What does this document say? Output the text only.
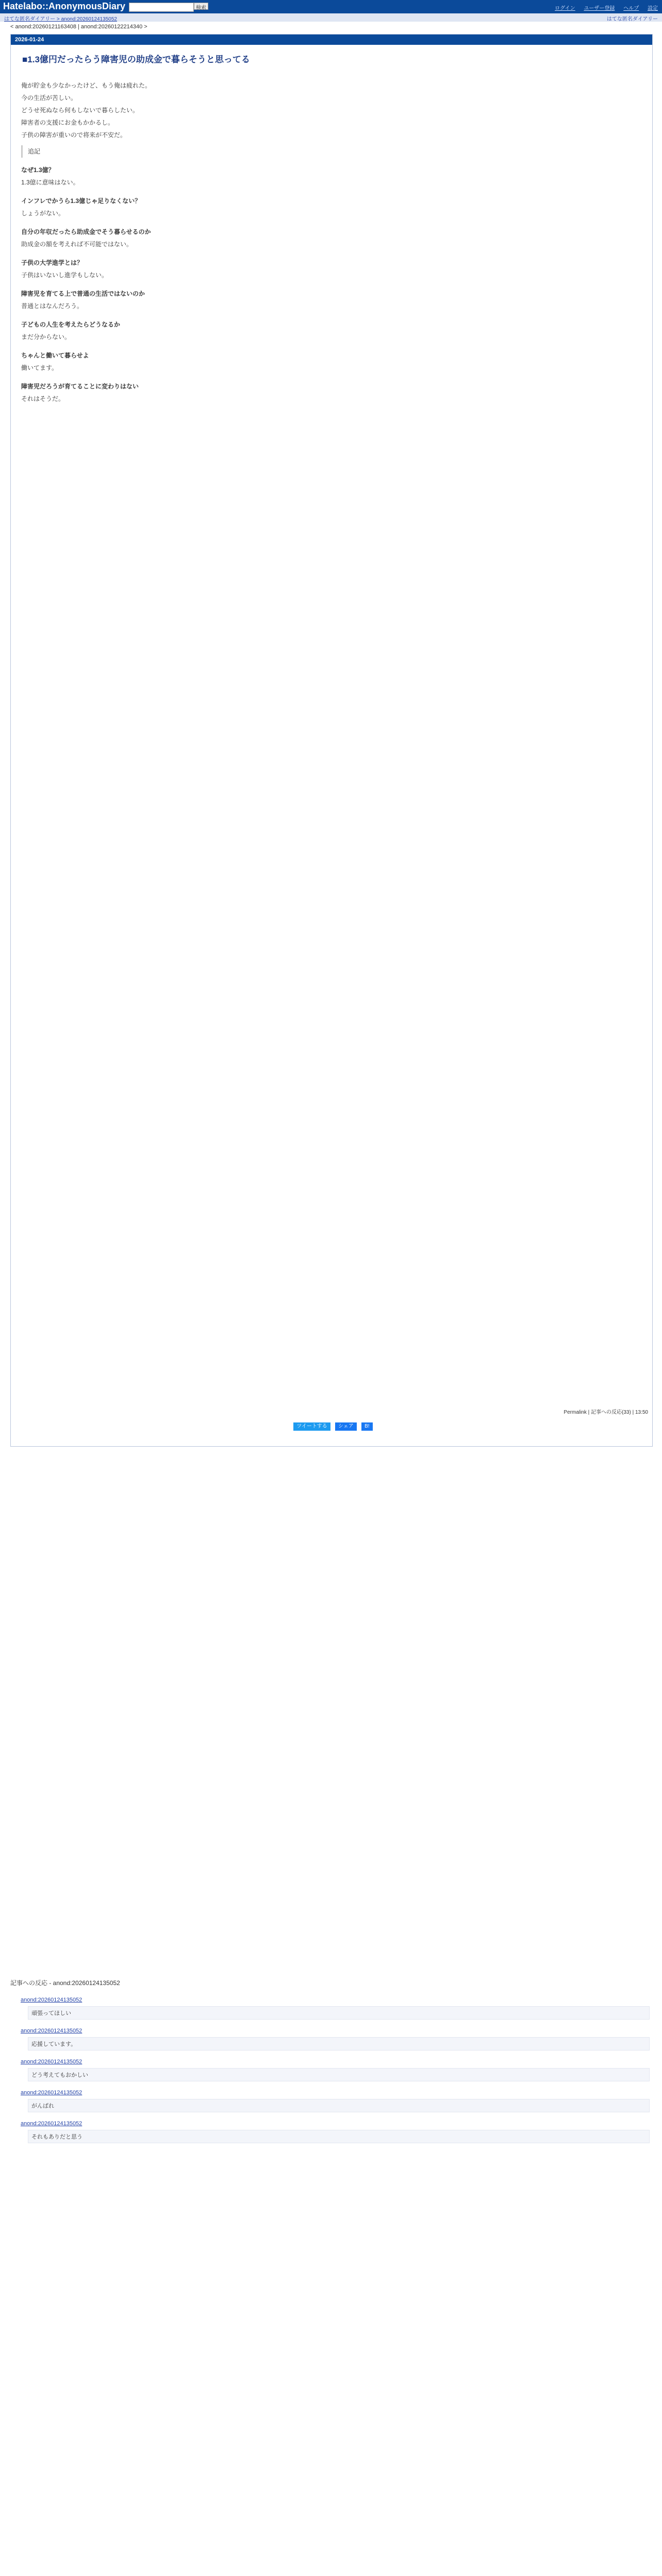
Hatelabo::AnonymousDiary	検索	ログイン ユーザー登録 ヘルプ 設定
はてな匿名ダイアリー > anond:20260124135052	はてな匿名ダイアリー
< anond:20260121163408 | anond:20260122214340 >
2026-01-24
■1.3億円だったらう障害児の助成金で暮らそうと思ってる

俺が貯金も少なかったけど、もう俺は疲れた。

今の生活が苦しい。

どうせ死ぬなら何もしないで暮らしたい。

障害者の支援にお金もかかるし。

子供の障害が重いので将来が不安だ。

追記

なぜ1.3億？

1.3億に意味はない。

インフレでかうら1.3億じゃ足りなくない？

しょうがない。

自分の年収だったら助成金でそう暮らせるのか

助成金の額を考えれば不可能ではない。

子供の大学進学とは？

子供はいないし進学もしない。

障害児を育てる上で普通の生活ではないのか

普通とはなんだろう。

子どもの人生を考えたらどうなるか

まだ分からない。

ちゃんと働いて暮らせよ

働いてます。

障害児だろうが育てることに変わりはない

それはそうだ。

Permalink | 記事への反応(33) | 13:50
ツイートする シェア B!
記事への反応 - anond:20260124135052
anond:20260124135052
頑張ってほしい
anond:20260124135052
応援しています。
anond:20260124135052
どう考えてもおかしい
anond:20260124135052
がんばれ
anond:20260124135052
それもありだと思う
